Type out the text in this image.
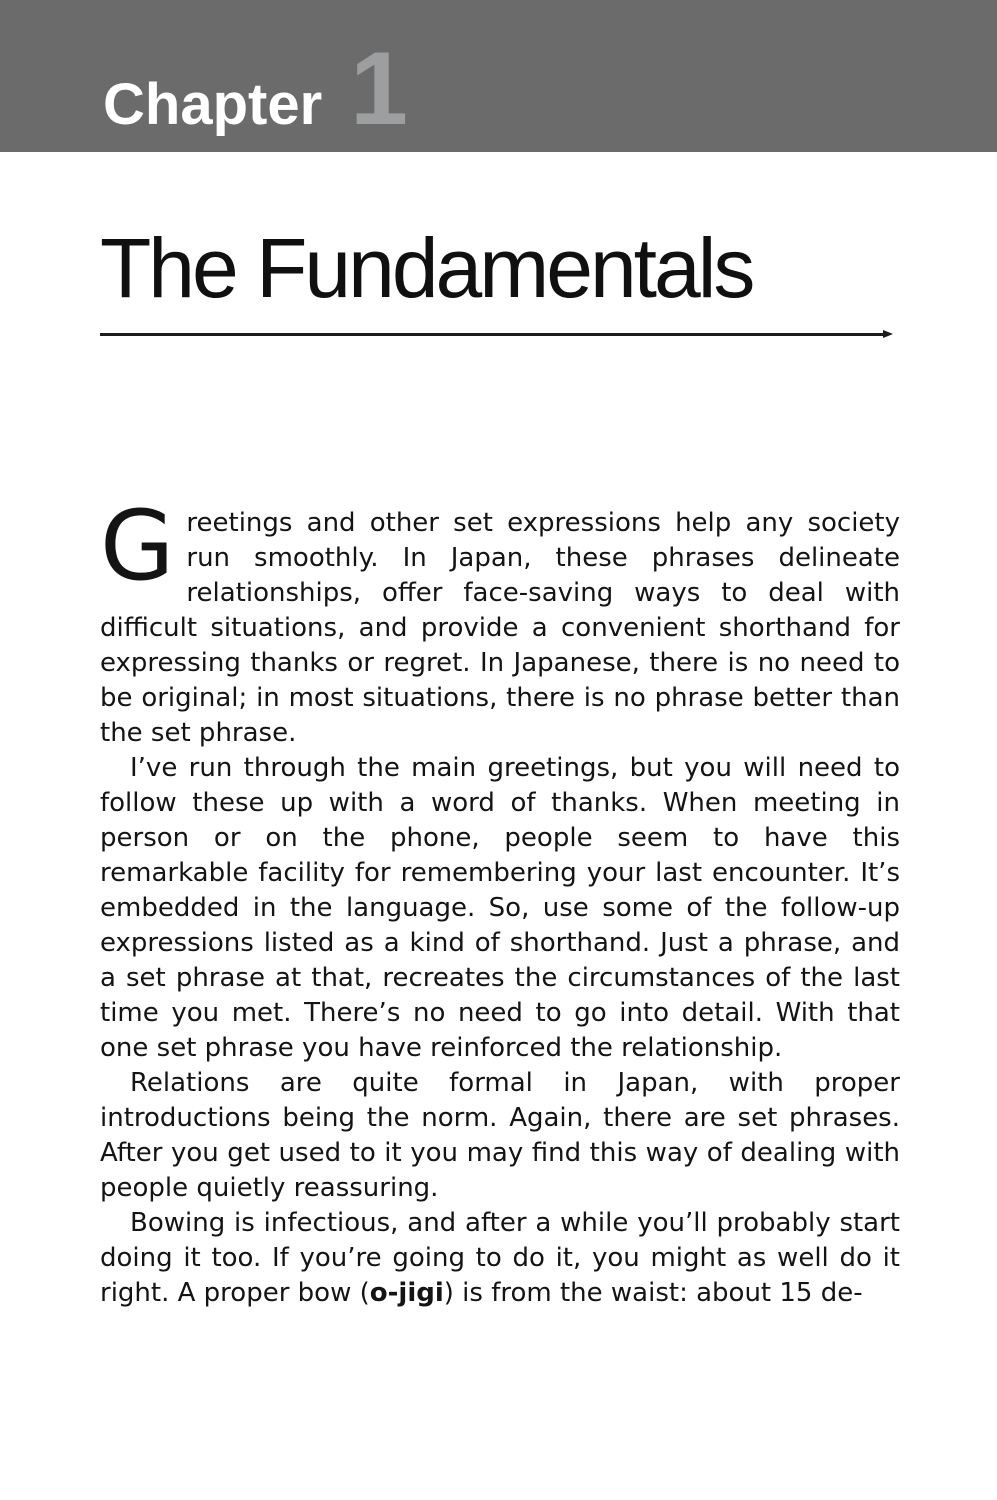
Chapter 1
The Fundamentals

Greetings and other set expressions help any society run smoothly. In Japan, these phrases delineate relationships, offer face-saving ways to deal with difficult situations, and provide a convenient shorthand for expressing thanks or regret. In Japanese, there is no need to be original; in most situations, there is no phrase better than the set phrase.

I’ve run through the main greetings, but you will need to follow these up with a word of thanks. When meeting in person or on the phone, people seem to have this remarkable facility for remembering your last encounter. It’s embedded in the language. So, use some of the follow-up expressions listed as a kind of shorthand. Just a phrase, and a set phrase at that, recreates the circumstances of the last time you met. There’s no need to go into detail. With that one set phrase you have reinforced the relationship.

Relations are quite formal in Japan, with proper introductions being the norm. Again, there are set phrases. After you get used to it you may find this way of dealing with people quietly reassuring.

Bowing is infectious, and after a while you’ll probably start doing it too. If you’re going to do it, you might as well do it right. A proper bow (o-jigi) is from the waist: about 15 de-
